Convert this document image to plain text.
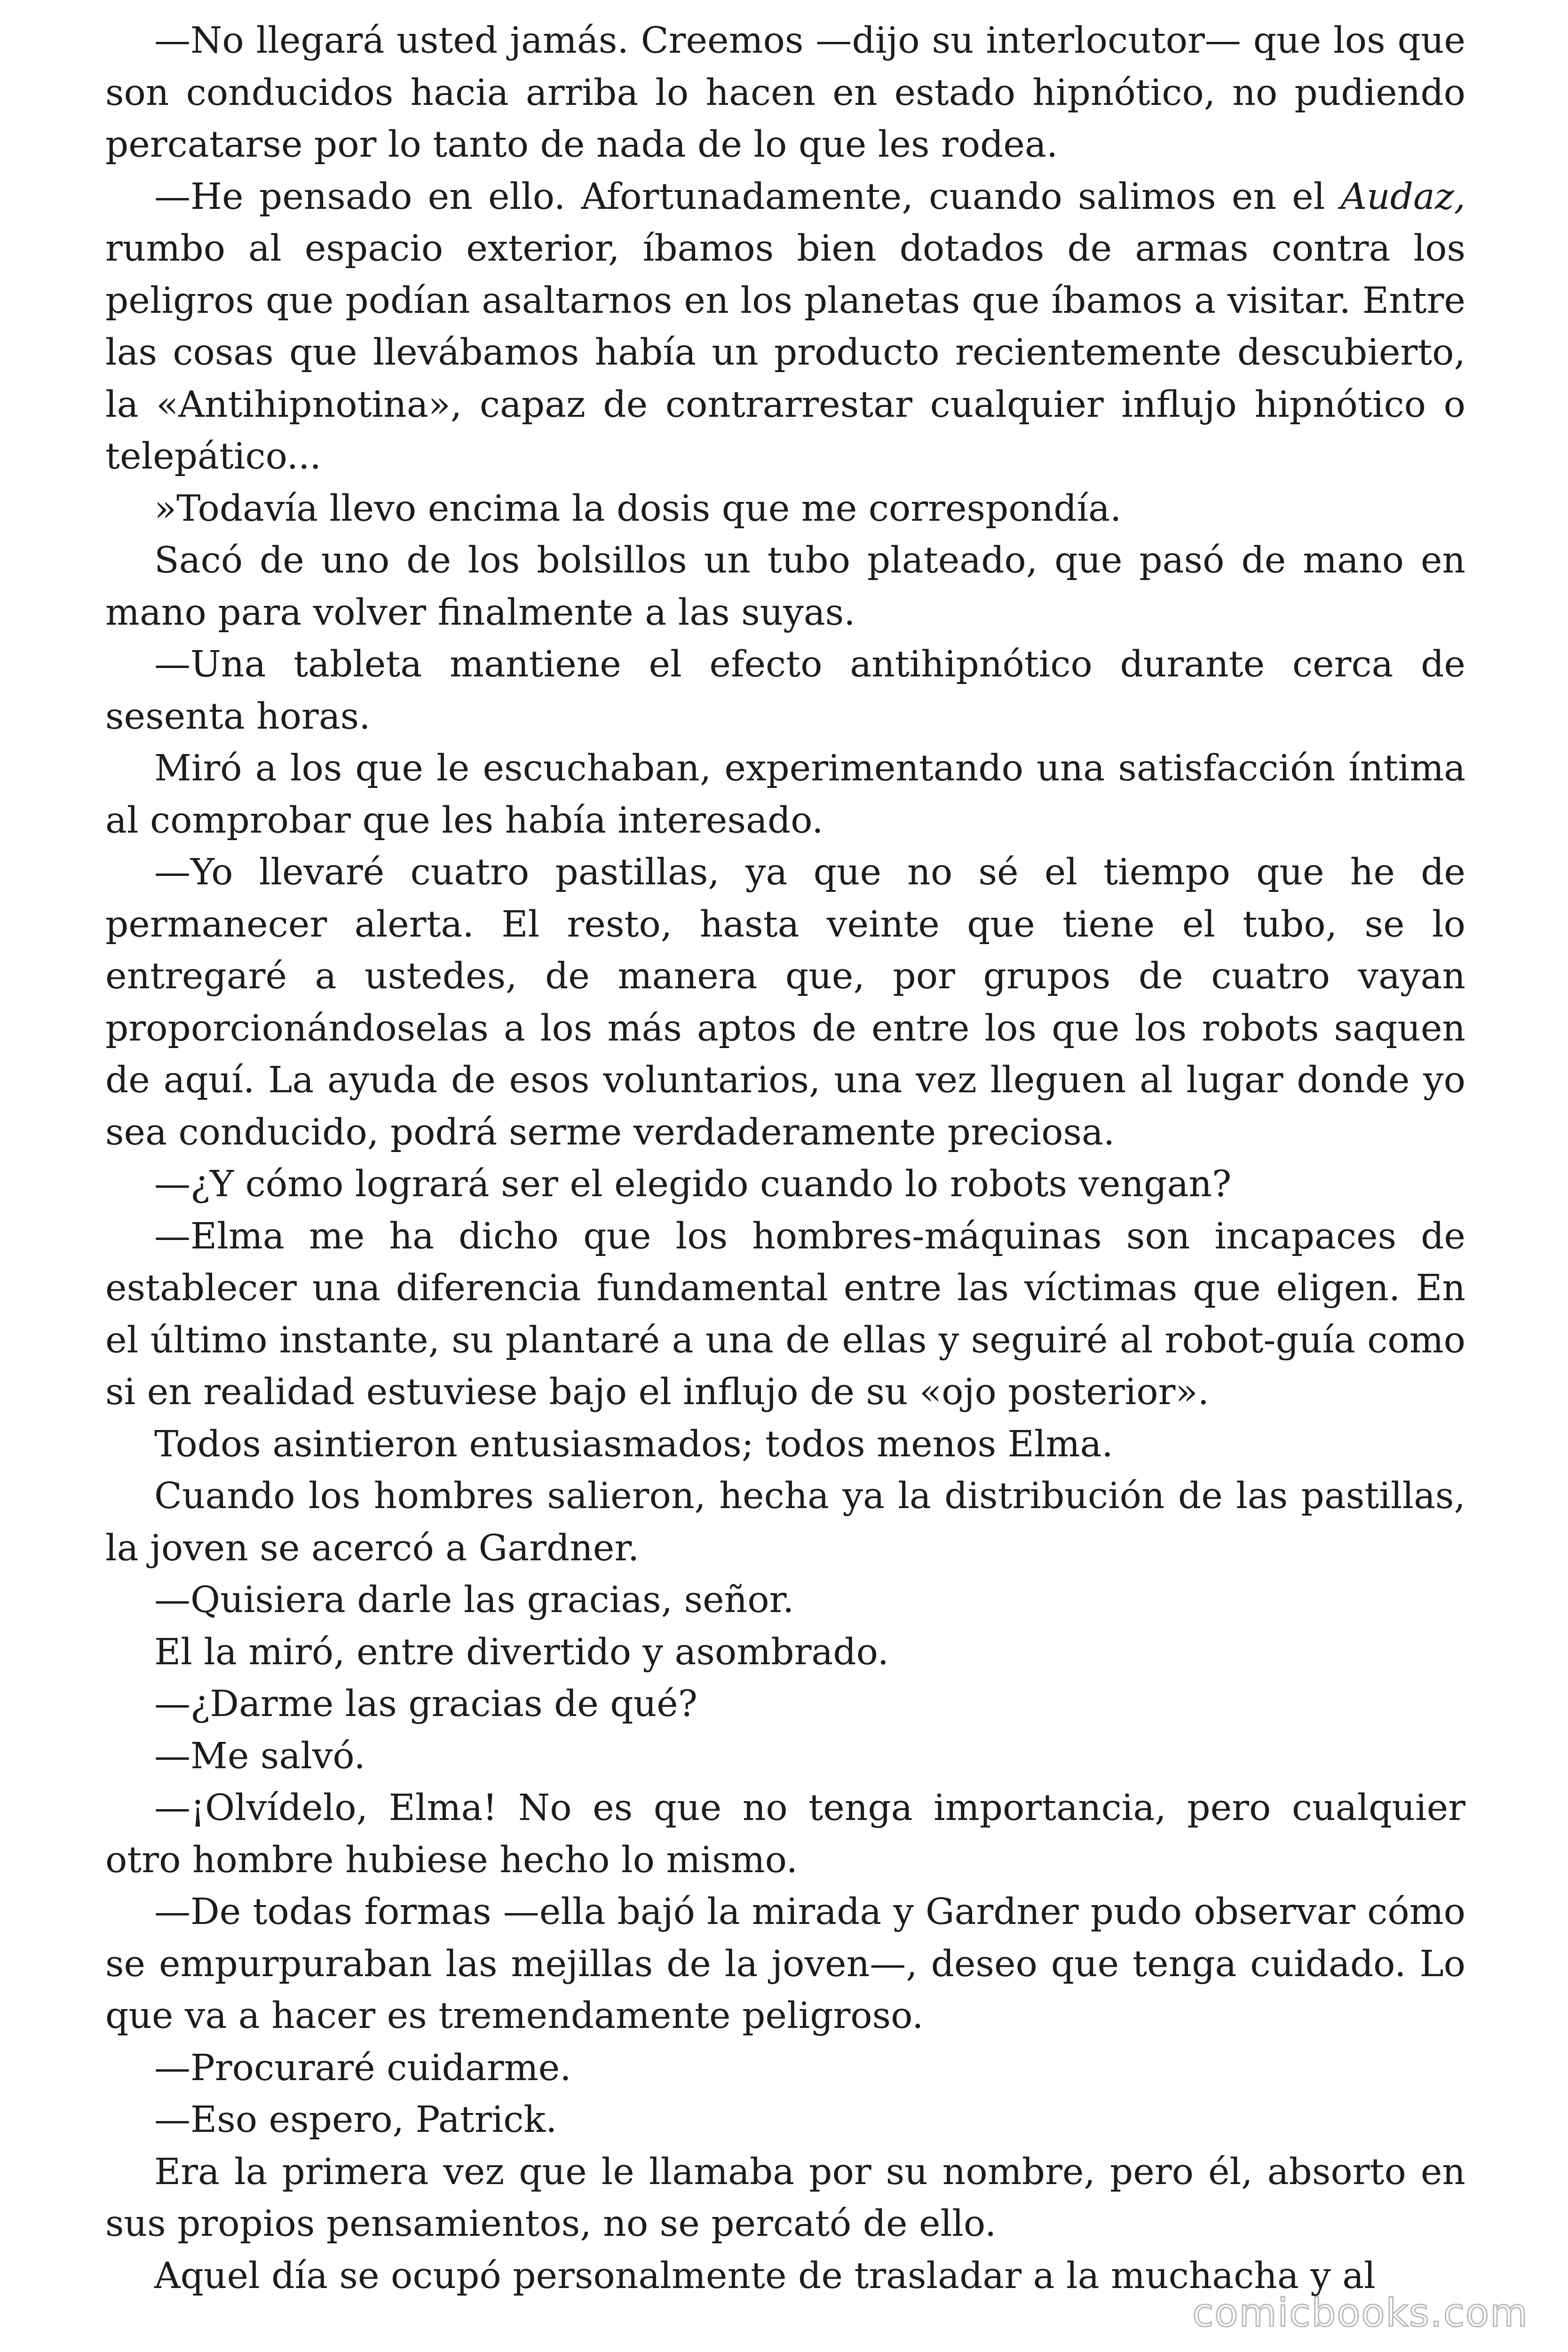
—No llegará usted jamás. Creemos —dijo su interlocutor— que los que son conducidos hacia arriba lo hacen en estado hipnótico, no pudiendo percatarse por lo tanto de nada de lo que les rodea.

—He pensado en ello. Afortunadamente, cuando salimos en el Audaz, rumbo al espacio exterior, íbamos bien dotados de armas contra los peligros que podían asaltarnos en los planetas que íbamos a visitar. Entre las cosas que llevábamos había un producto recientemente descubierto, la «Antihipnotina», capaz de contrarrestar cualquier influjo hipnótico o telepático...

»Todavía llevo encima la dosis que me correspondía.

Sacó de uno de los bolsillos un tubo plateado, que pasó de mano en mano para volver finalmente a las suyas.

—Una tableta mantiene el efecto antihipnótico durante cerca de sesenta horas.

Miró a los que le escuchaban, experimentando una satisfacción íntima al comprobar que les había interesado.

—Yo llevaré cuatro pastillas, ya que no sé el tiempo que he de permanecer alerta. El resto, hasta veinte que tiene el tubo, se lo entregaré a ustedes, de manera que, por grupos de cuatro vayan proporcionándoselas a los más aptos de entre los que los robots saquen de aquí. La ayuda de esos voluntarios, una vez lleguen al lugar donde yo sea conducido, podrá serme verdaderamente preciosa.

—¿Y cómo logrará ser el elegido cuando lo robots vengan?

—Elma me ha dicho que los hombres-máquinas son incapaces de establecer una diferencia fundamental entre las víctimas que eligen. En el último instante, su plantaré a una de ellas y seguiré al robot-guía como si en realidad estuviese bajo el influjo de su «ojo posterior».

Todos asintieron entusiasmados; todos menos Elma.

Cuando los hombres salieron, hecha ya la distribución de las pastillas, la joven se acercó a Gardner.

—Quisiera darle las gracias, señor.

El la miró, entre divertido y asombrado.

—¿Darme las gracias de qué?

—Me salvó.

—¡Olvídelo, Elma! No es que no tenga importancia, pero cualquier otro hombre hubiese hecho lo mismo.

—De todas formas —ella bajó la mirada y Gardner pudo observar cómo se empurpuraban las mejillas de la joven—, deseo que tenga cuidado. Lo que va a hacer es tremendamente peligroso.

—Procuraré cuidarme.

—Eso espero, Patrick.

Era la primera vez que le llamaba por su nombre, pero él, absorto en sus propios pensamientos, no se percató de ello.

Aquel día se ocupó personalmente de trasladar a la muchacha y al

comicbooks.com
